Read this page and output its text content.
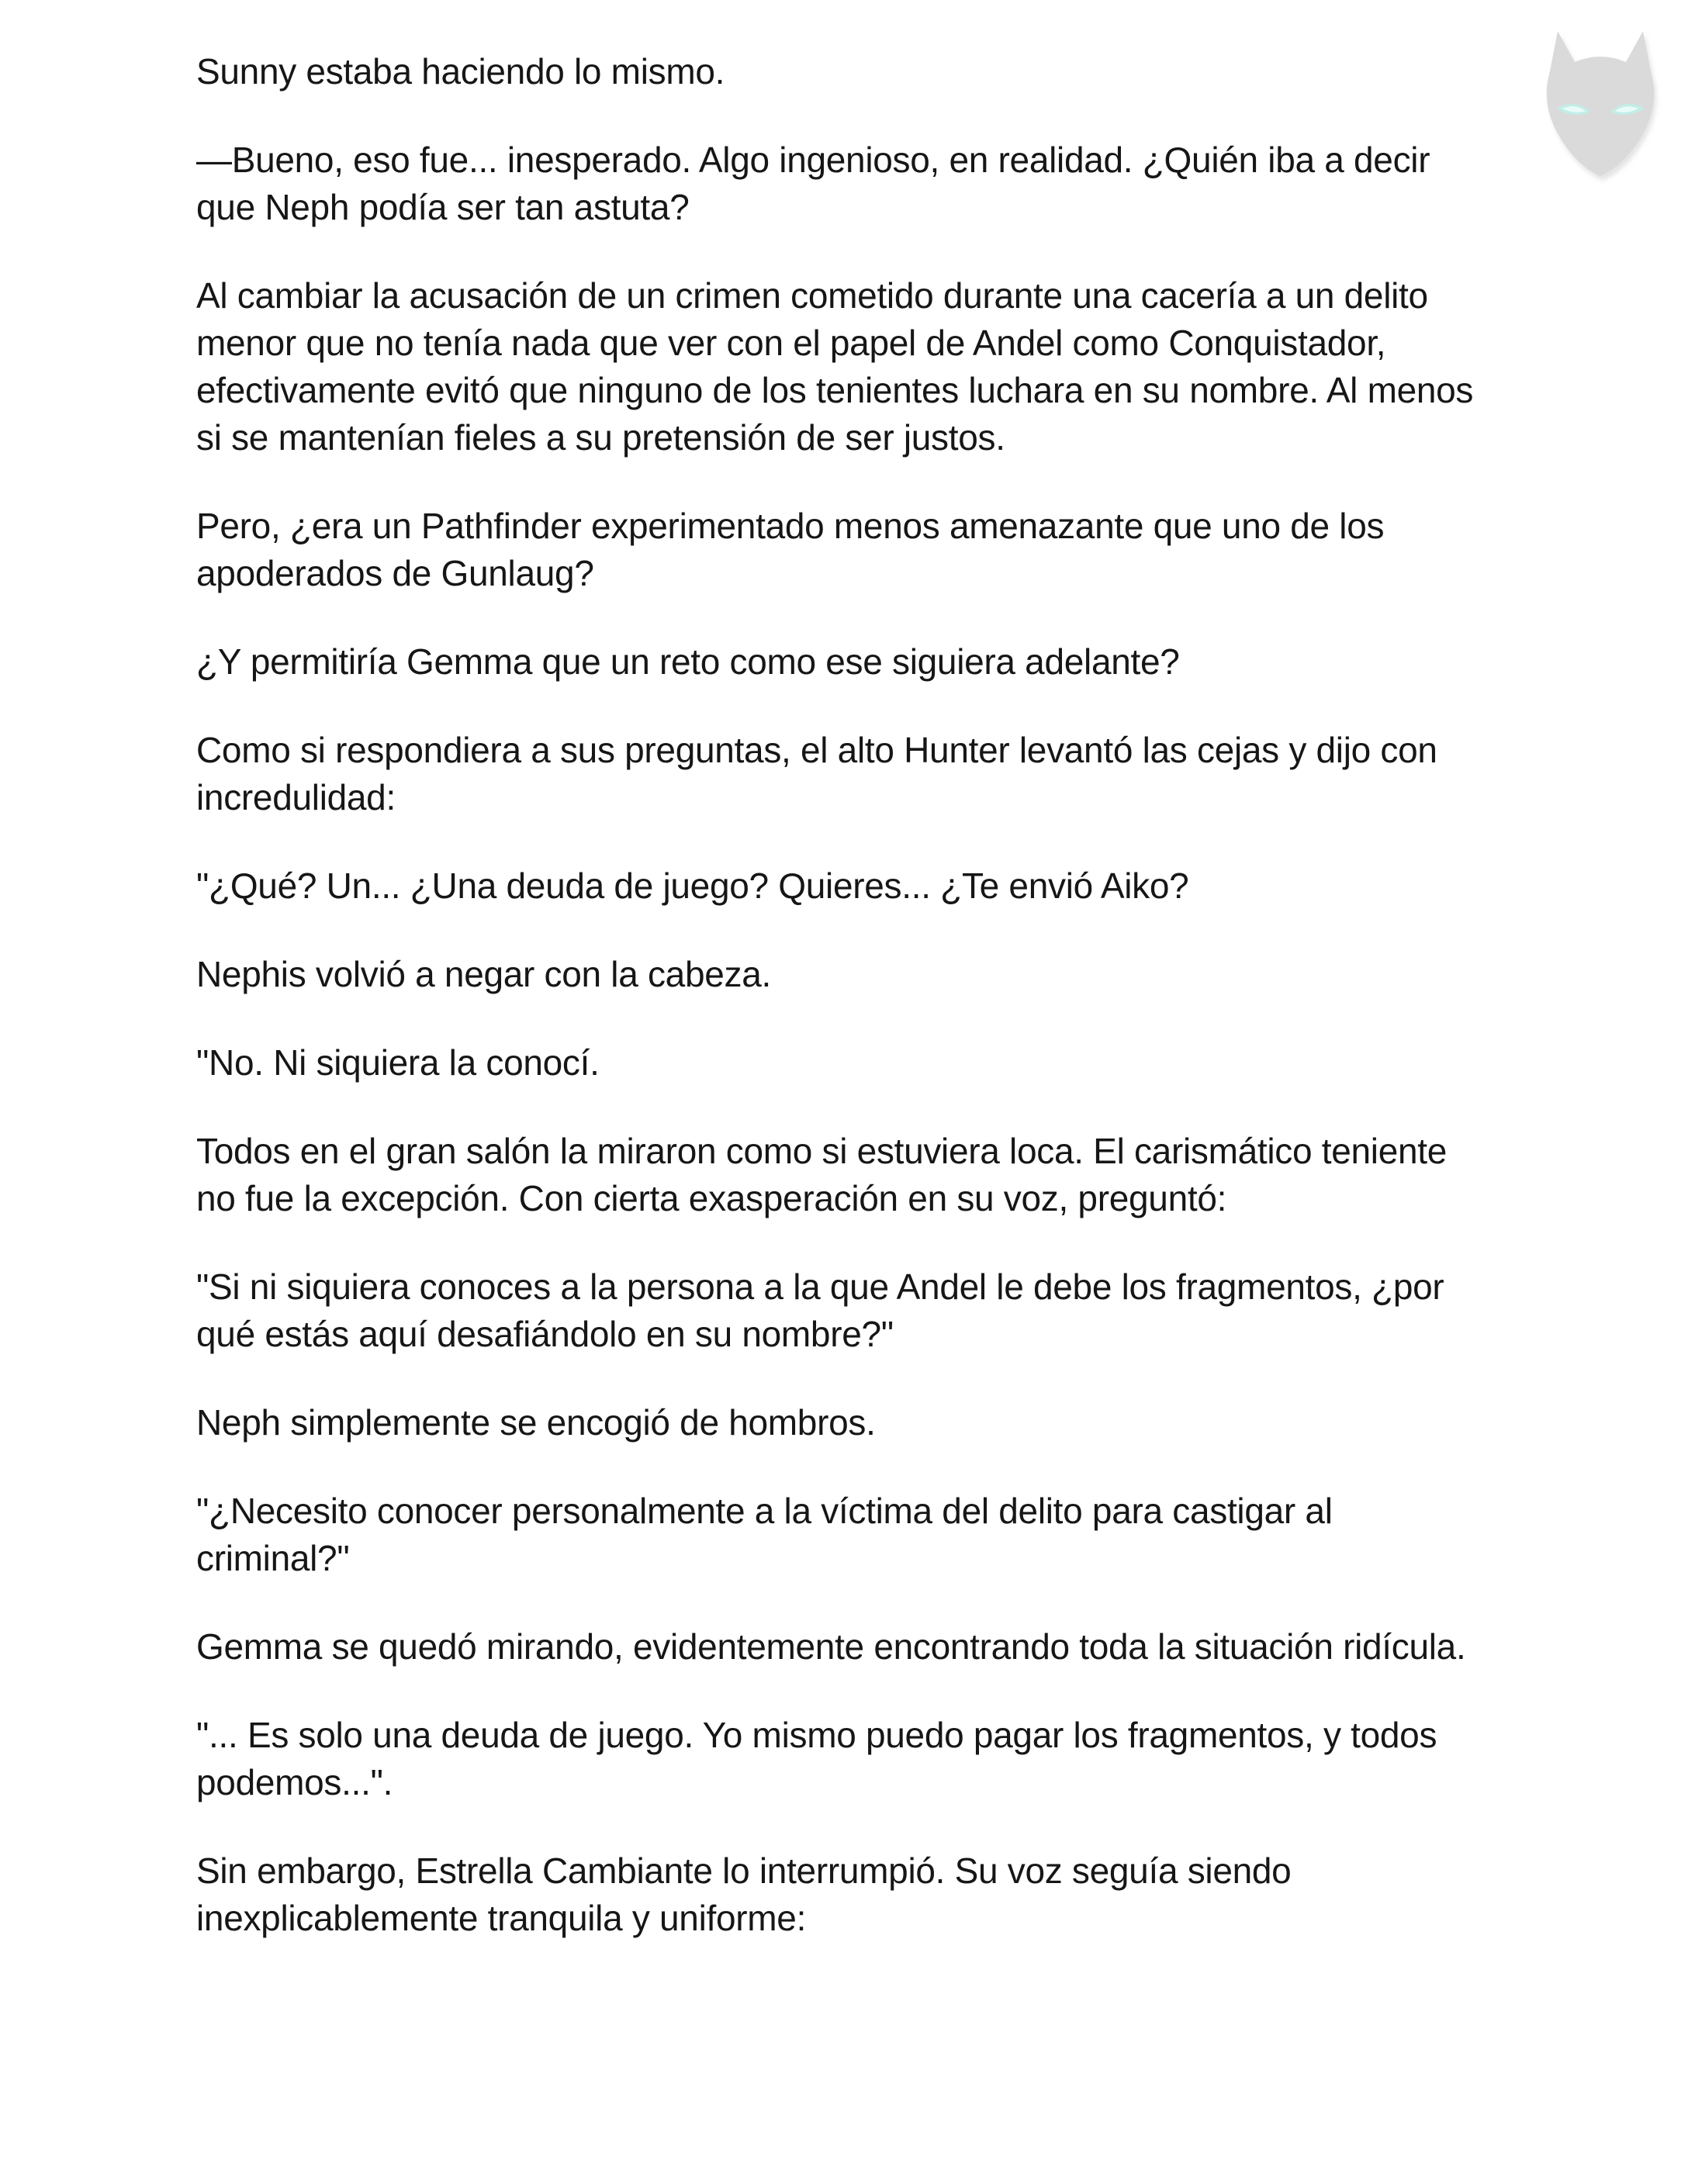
Sunny estaba haciendo lo mismo.

—Bueno, eso fue... inesperado. Algo ingenioso, en realidad. ¿Quién iba a decir que Neph podía ser tan astuta?

Al cambiar la acusación de un crimen cometido durante una cacería a un delito menor que no tenía nada que ver con el papel de Andel como Conquistador, efectivamente evitó que ninguno de los tenientes luchara en su nombre. Al menos si se mantenían fieles a su pretensión de ser justos.

Pero, ¿era un Pathfinder experimentado menos amenazante que uno de los apoderados de Gunlaug?

¿Y permitiría Gemma que un reto como ese siguiera adelante?

Como si respondiera a sus preguntas, el alto Hunter levantó las cejas y dijo con incredulidad:

"¿Qué? Un... ¿Una deuda de juego? Quieres... ¿Te envió Aiko?

Nephis volvió a negar con la cabeza.

"No. Ni siquiera la conocí.

Todos en el gran salón la miraron como si estuviera loca. El carismático teniente no fue la excepción. Con cierta exasperación en su voz, preguntó:

"Si ni siquiera conoces a la persona a la que Andel le debe los fragmentos, ¿por qué estás aquí desafiándolo en su nombre?"

Neph simplemente se encogió de hombros.

"¿Necesito conocer personalmente a la víctima del delito para castigar al criminal?"

Gemma se quedó mirando, evidentemente encontrando toda la situación ridícula.

"... Es solo una deuda de juego. Yo mismo puedo pagar los fragmentos, y todos podemos...".

Sin embargo, Estrella Cambiante lo interrumpió. Su voz seguía siendo inexplicablemente tranquila y uniforme:
